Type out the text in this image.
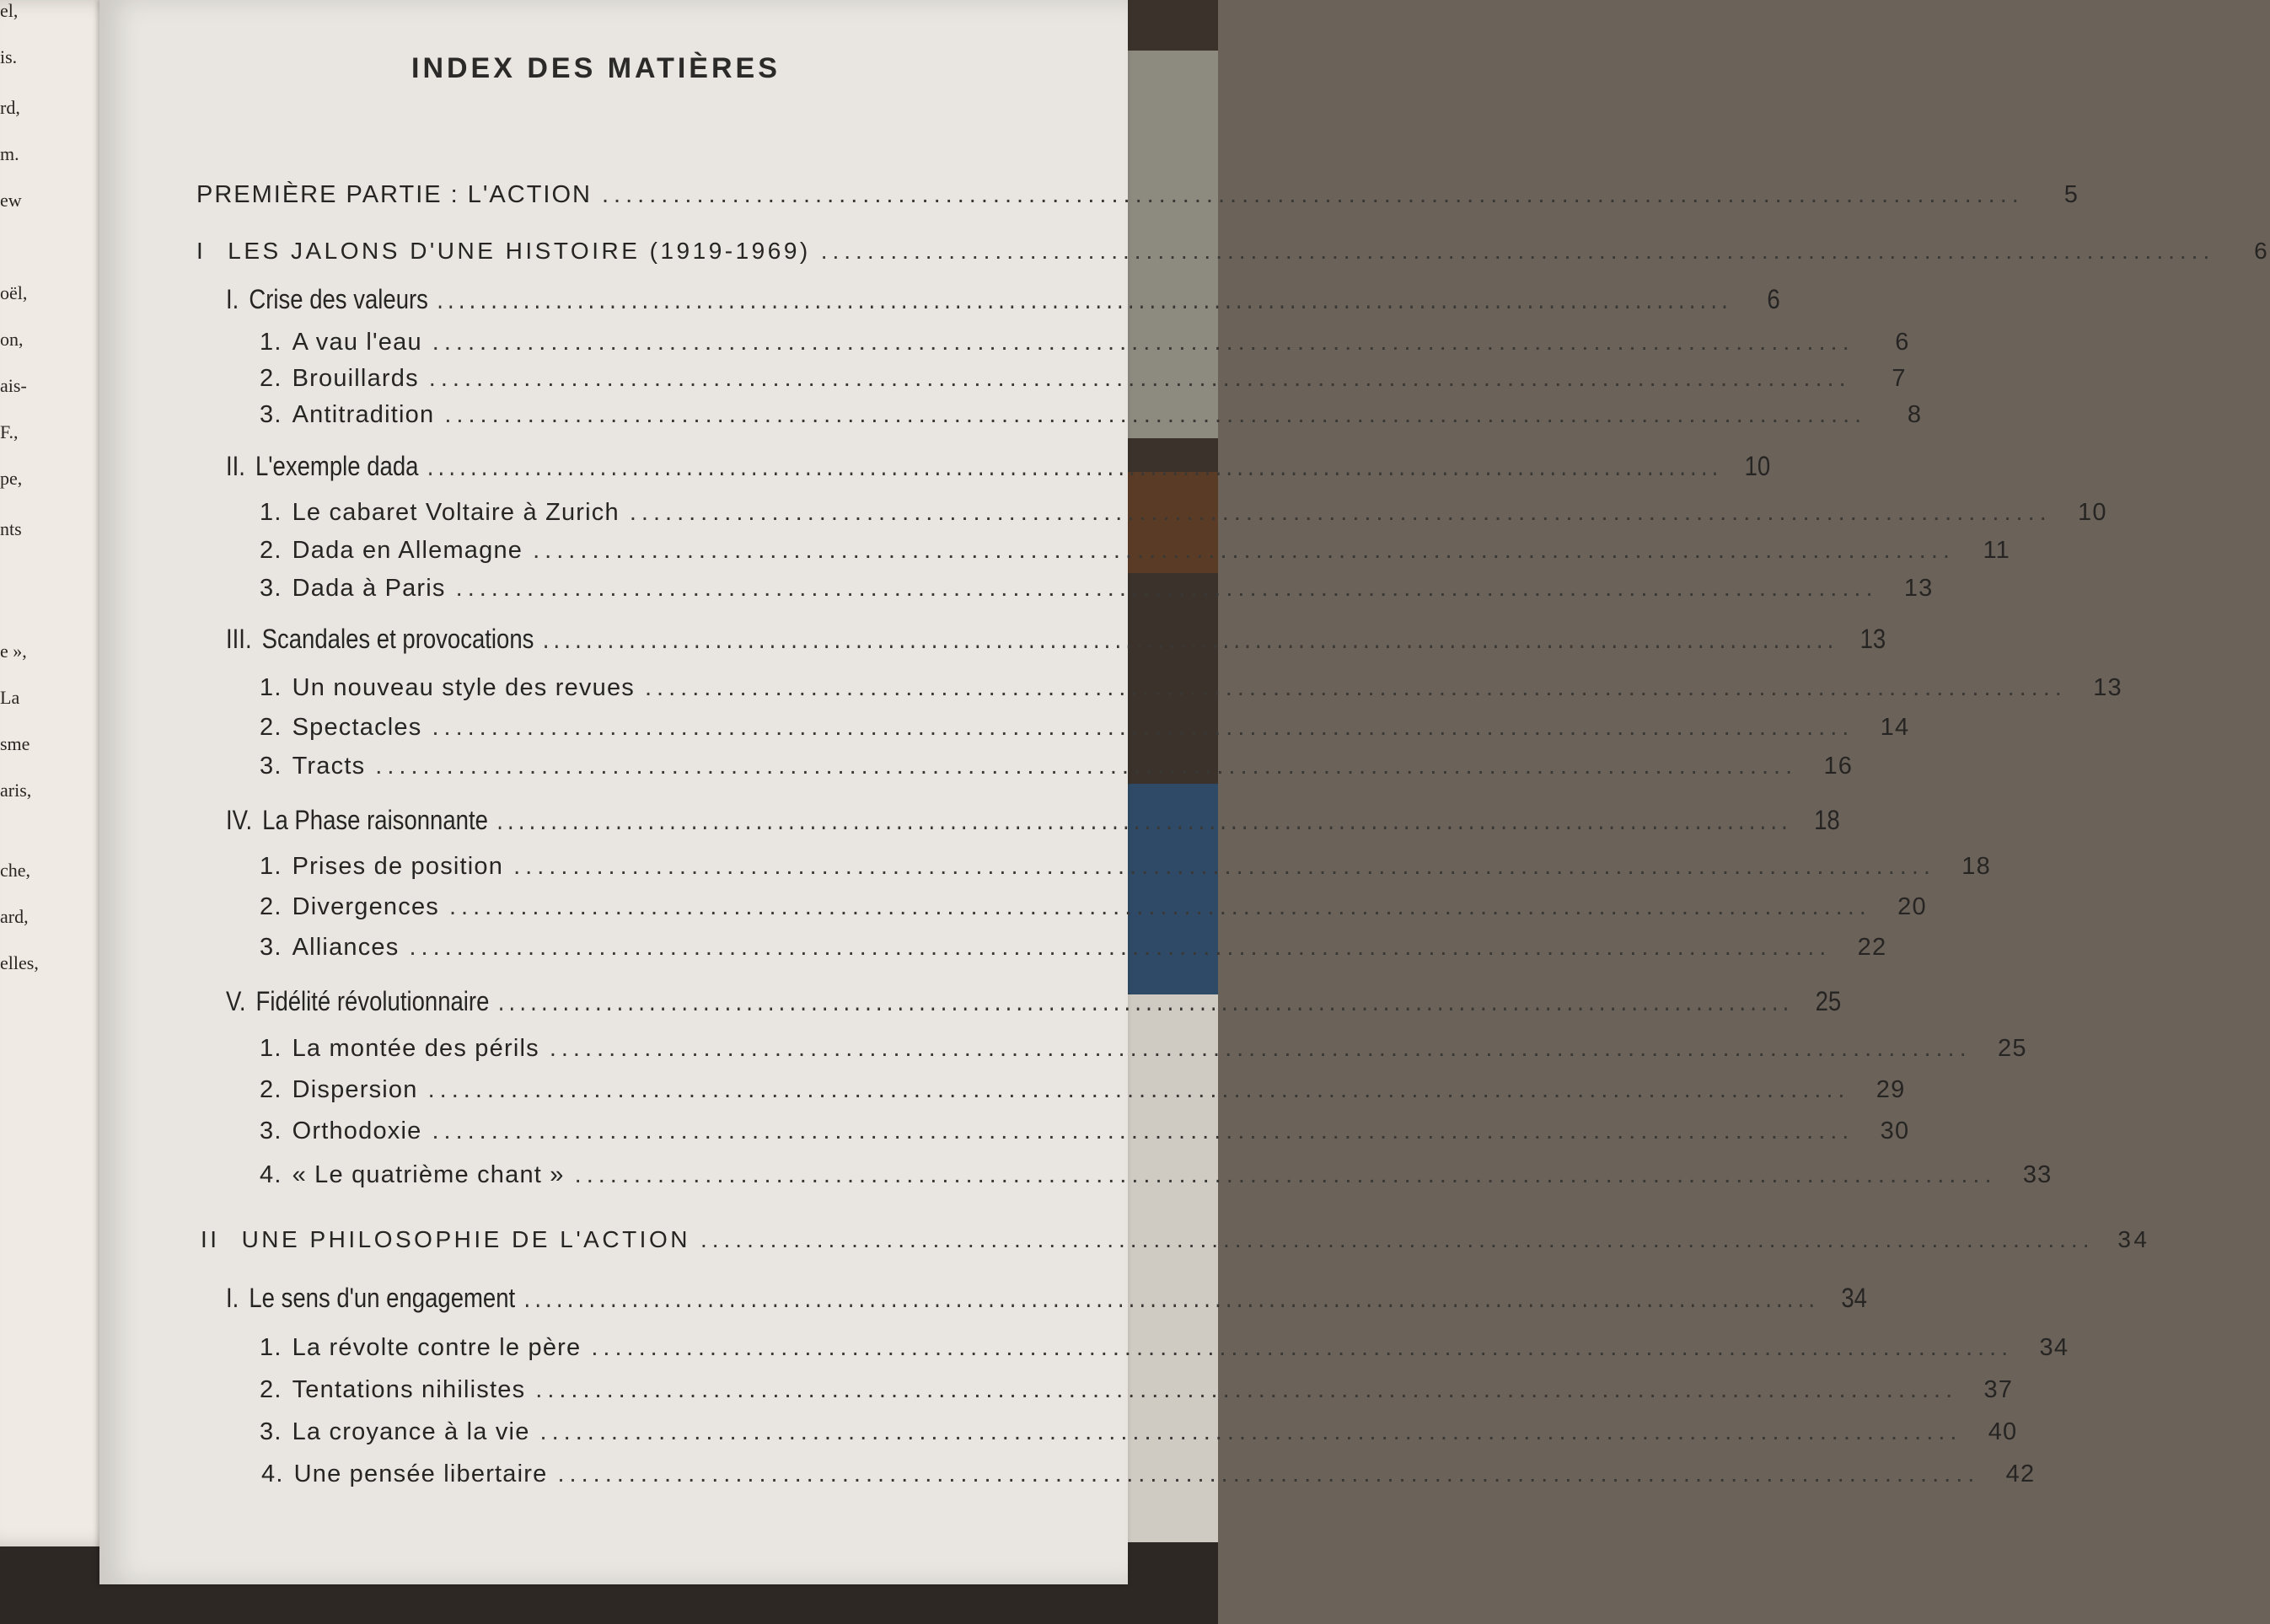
el,
is.
rd,
m.
ew
oël,
on,
ais-
F.,
pe,
nts
e »,
La
sme
aris,
che,
ard,
elles,
INDEX DES MATIÈRES
PREMIÈRE PARTIE : L'ACTION ........................................................................................................................	5
I LES JALONS D'UNE HISTOIRE (1919-1969) ........................................................................................................................	6
I. Crise des valeurs ........................................................................................................................	6
1. A vau l'eau ........................................................................................................................	6
2. Brouillards ........................................................................................................................	7
3. Antitradition ........................................................................................................................	8
II. L'exemple dada ........................................................................................................................ 10
1. Le cabaret Voltaire à Zurich ........................................................................................................................	10
2. Dada en Allemagne ........................................................................................................................	11
3. Dada à Paris ........................................................................................................................	13
III. Scandales et provocations ........................................................................................................................ 13
1. Un nouveau style des revues ........................................................................................................................	13
2. Spectacles ........................................................................................................................	14
3. Tracts ........................................................................................................................	16
IV. La Phase raisonnante ........................................................................................................................ 18
1. Prises de position ........................................................................................................................	18
2. Divergences ........................................................................................................................	20
3. Alliances ........................................................................................................................	22
V. Fidélité révolutionnaire ........................................................................................................................ 25
1. La montée des périls ........................................................................................................................	25
2. Dispersion ........................................................................................................................	29
3. Orthodoxie ........................................................................................................................	30
4. « Le quatrième chant » ........................................................................................................................	33
II UNE PHILOSOPHIE DE L'ACTION ........................................................................................................................ 34
I. Le sens d'un engagement ........................................................................................................................ 34
1. La révolte contre le père ........................................................................................................................	34
2. Tentations nihilistes ........................................................................................................................	37
3. La croyance à la vie ........................................................................................................................	40
4. Une pensée libertaire ........................................................................................................................	42
